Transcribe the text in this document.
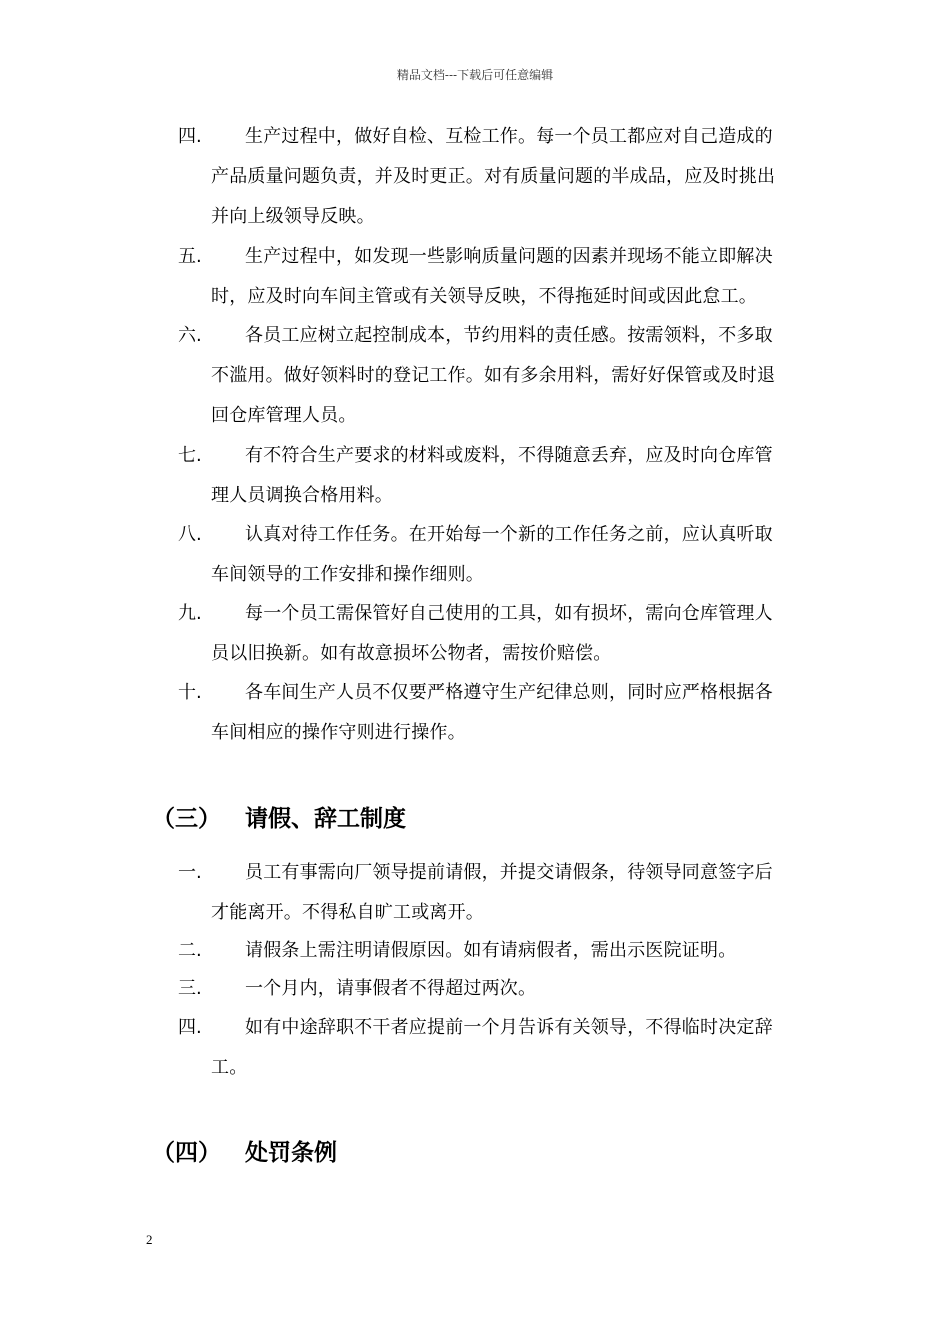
精品文档---下载后可任意编辑
四. 生产过程中，做好自检、互检工作。每一个员工都应对自己造成的
产品质量问题负责，并及时更正。对有质量问题的半成品，应及时挑出
并向上级领导反映。
五. 生产过程中，如发现一些影响质量问题的因素并现场不能立即解决
时，应及时向车间主管或有关领导反映，不得拖延时间或因此怠工。
六. 各员工应树立起控制成本，节约用料的责任感。按需领料，不多取
不滥用。做好领料时的登记工作。如有多余用料，需好好保管或及时退
回仓库管理人员。
七. 有不符合生产要求的材料或废料，不得随意丢弃，应及时向仓库管
理人员调换合格用料。
八. 认真对待工作任务。在开始每一个新的工作任务之前，应认真听取
车间领导的工作安排和操作细则。
九. 每一个员工需保管好自己使用的工具，如有损坏，需向仓库管理人
员以旧换新。如有故意损坏公物者，需按价赔偿。
十. 各车间生产人员不仅要严格遵守生产纪律总则，同时应严格根据各
车间相应的操作守则进行操作。
（三） 请假、辞工制度
一. 员工有事需向厂领导提前请假，并提交请假条，待领导同意签字后
才能离开。不得私自旷工或离开。
二. 请假条上需注明请假原因。如有请病假者，需出示医院证明。
三. 一个月内，请事假者不得超过两次。
四. 如有中途辞职不干者应提前一个月告诉有关领导，不得临时决定辞
工。
（四） 处罚条例
2
